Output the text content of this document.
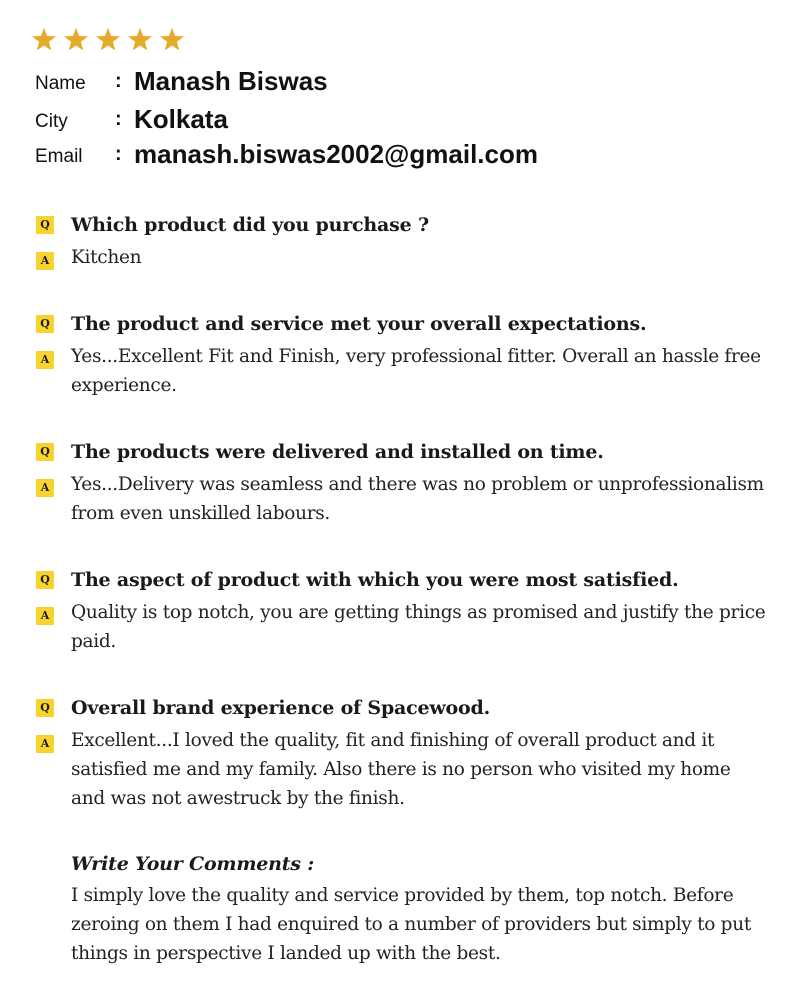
Name : Manash Biswas
City : Kolkata
Email : manash.biswas2002@gmail.com
Q Which product did you purchase ?
A Kitchen
Q The product and service met your overall expectations.
A Yes...Excellent Fit and Finish, very professional fitter. Overall an hassle free experience.
Q The products were delivered and installed on time.
A Yes...Delivery was seamless and there was no problem or unprofessionalism from even unskilled labours.
Q The aspect of product with which you were most satisfied.
A Quality is top notch, you are getting things as promised and justify the price paid.
Q Overall brand experience of Spacewood.
A Excellent...I loved the quality, fit and finishing of overall product and it satisfied me and my family. Also there is no person who visited my home and was not awestruck by the finish.
Write Your Comments :
I simply love the quality and service provided by them, top notch. Before zeroing on them I had enquired to a number of providers but simply to put things in perspective I landed up with the best.
